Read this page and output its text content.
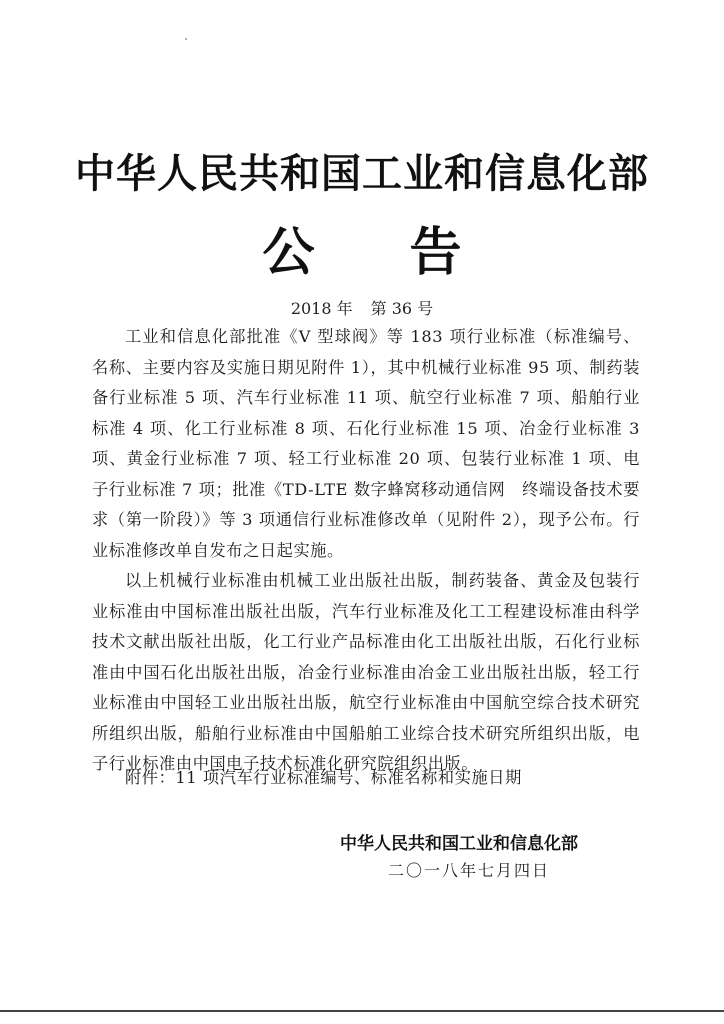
中华人民共和国工业和信息化部
公 告
2018 年 第 36 号

工业和信息化部批准《V 型球阀》等 183 项行业标准（标准编号、名称、主要内容及实施日期见附件 1），其中机械行业标准 95 项、制药装备行业标准 5 项、汽车行业标准 11 项、航空行业标准 7 项、船舶行业标准 4 项、化工行业标准 8 项、石化行业标准 15 项、冶金行业标准 3 项、黄金行业标准 7 项、轻工行业标准 20 项、包装行业标准 1 项、电子行业标准 7 项；批准《TD-LTE 数字蜂窝移动通信网　终端设备技术要求（第一阶段）》等 3 项通信行业标准修改单（见附件 2），现予公布。行业标准修改单自发布之日起实施。

以上机械行业标准由机械工业出版社出版，制药装备、黄金及包装行业标准由中国标准出版社出版，汽车行业标准及化工工程建设标准由科学技术文献出版社出版，化工行业产品标准由化工出版社出版，石化行业标准由中国石化出版社出版，冶金行业标准由冶金工业出版社出版，轻工行业标准由中国轻工业出版社出版，航空行业标准由中国航空综合技术研究所组织出版，船舶行业标准由中国船舶工业综合技术研究所组织出版，电子行业标准由中国电子技术标准化研究院组织出版。

附件：11 项汽车行业标准编号、标准名称和实施日期
中华人民共和国工业和信息化部
二〇一八年七月四日
